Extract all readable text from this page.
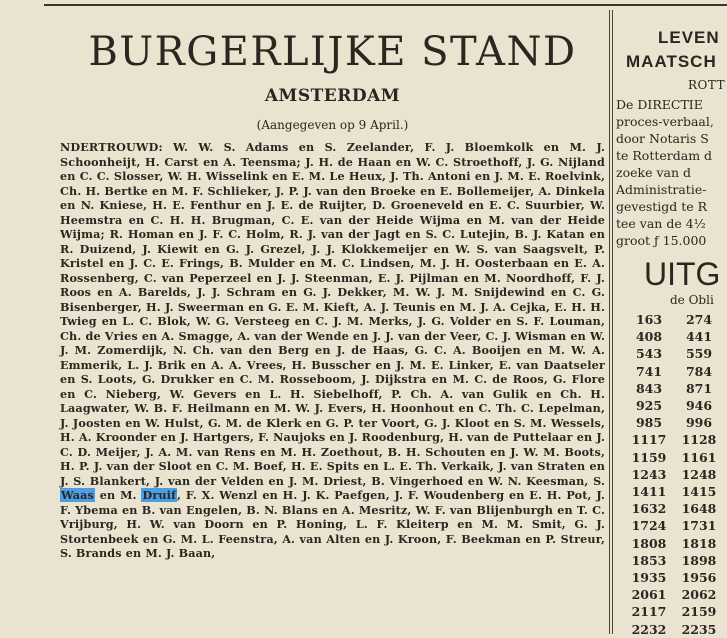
BURGERLIJKE STAND
AMSTERDAM
(Aangegeven op 9 April.)
NDERTROUWD: W. W. S. Adams en S. Zeelander, F. J. Bloemkolk en M. J. Schoonheijt, H. Carst en A. Teensma; J. H. de Haan en W. C. Stroethoff, J. G. Nijland en C. C. Slosser, W. H. Wisselink en E. M. Le Heux, J. Th. Antoni en J. M. E. Roelvink, Ch. H. Bertke en M. F. Schlieker, J. P. J. van den Broeke en E. Bollemeijer, A. Dinkela en N. Kniese, H. E. Fenthur en J. E. de Ruijter, D. Groeneveld en E. C. Suurbier, W. Heemstra en C. H. H. Brugman, C. E. van der Heide Wijma en M. van der Heide Wijma; R. Homan en J. F. C. Holm, R. J. van der Jagt en S. C. Lutejin, B. J. Katan en R. Duizend, J. Kiewit en G. J. Grezel, J. J. Klokkemeijer en W. S. van Saagsvelt, P. Kristel en J. C. E. Frings, B. Mulder en M. C. Lindsen, M. J. H. Oosterbaan en E. A. Rossenberg, C. van Peperzeel en J. J. Steenman, E. J. Pijlman en M. Noordhoff, F. J. Roos en A. Barelds, J. J. Schram en G. J. Dekker, M. W. J. M. Snijdewind en C. G. Bisenberger, H. J. Sweerman en G. E. M. Kieft, A. J. Teunis en M. J. A. Cejka, E. H. H. Twieg en L. C. Blok, W. G. Versteeg en C. J. M. Merks, J. G. Volder en S. F. Louman, Ch. de Vries en A. Smagge, A. van der Wende en J. J. van der Veer, C. J. Wisman en W. J. M. Zomerdijk, N. Ch. van den Berg en J. de Haas, G. C. A. Booijen en M. W. A. Emmerik, L. J. Brik en A. A. Vrees, H. Busscher en J. M. E. Linker, E. van Daatseler en S. Loots, G. Drukker en C. M. Rosseboom, J. Dijkstra en M. C. de Roos, G. Flore en C. Nieberg, W. Gevers en L. H. Siebelhoff, P. Ch. A. van Gulik en Ch. H. Laagwater, W. B. F. Heilmann en M. W. J. Evers, H. Hoonhout en C. Th. C. Lepelman, J. Joosten en W. Hulst, G. M. de Klerk en G. P. ter Voort, G. J. Kloot en S. M. Wessels, H. A. Kroonder en J. Hartgers, F. Naujoks en J. Roodenburg, H. van de Puttelaar en J. C. D. Meijer, J. A. M. van Rens en M. H. Zoethout, B. H. Schouten en J. W. M. Boots, H. P. J. van der Sloot en C. M. Boef, H. E. Spits en L. E. Th. Verkaik, J. van Straten en J. S. Blankert, J. van der Velden en J. M. Driest, B. Vingerhoed en W. N. Keesman, S. Waas en M. Druif, F. X. Wenzl en H. J. K. Paefgen, J. F. Woudenberg en E. H. Pot, J. F. Ybema en B. van Engelen, B. N. Blans en A. Mesritz, W. F. van Blijenburgh en T. C. Vrijburg, H. W. van Doorn en P. Honing, L. F. Kleiterp en M. M. Smit, G. J. Stortenbeek en G. M. L. Feenstra, A. van Alten en J. Kroon, F. Beekman en P. Streur, S. Brands en M. J. Baan,
LEVEN
MAATSCH
ROTT
De DIRECTIE
proces-verbaal,
door Notaris S
te Rotterdam d
zoeke van d
Administratie-
gevestigd te R
tee van de 4½
groot ƒ 15.000
UITG
de Obli
163	274
408	441
543	559
741	784
843	871
925	946
985	996
1117	1128
1159	1161
1243	1248
1411	1415
1632	1648
1724	1731
1808	1818
1853	1898
1935	1956
2061	2062
2117	2159
2232	2235
